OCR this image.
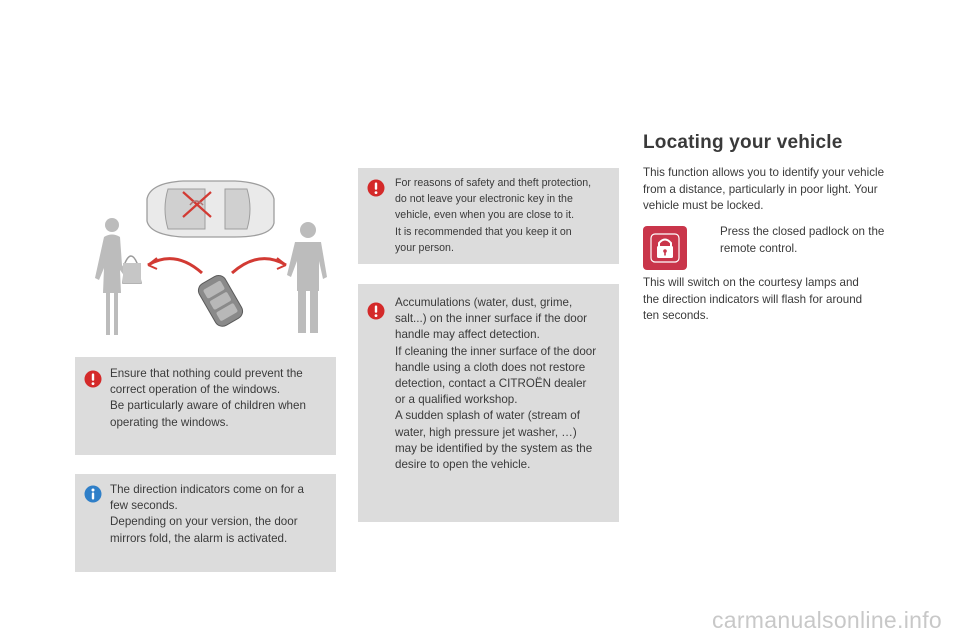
Ensure that nothing could prevent the

correct operation of the windows.

Be particularly aware of children when

operating the windows.

The direction indicators come on for a

few seconds.

Depending on your version, the door

mirrors fold, the alarm is activated.

For reasons of safety and theft protection,

do not leave your electronic key in the

vehicle, even when you are close to it.

It is recommended that you keep it on

your person.

Accumulations (water, dust, grime,

salt...) on the inner surface if the door

handle may affect detection.

If cleaning the inner surface of the door

handle using a cloth does not restore

detection, contact a CITROËN dealer

or a qualified workshop.

A sudden splash of water (stream of

water, high pressure jet washer, …)

may be identified by the system as the

desire to open the vehicle.

Locating your vehicle
This function allows you to identify your vehicle
from a distance, particularly in poor light. Your
vehicle must be locked.
Press the closed padlock on the
remote control.
This will switch on the courtesy lamps and
the direction indicators will flash for around
ten seconds.
carmanualsonline.info
